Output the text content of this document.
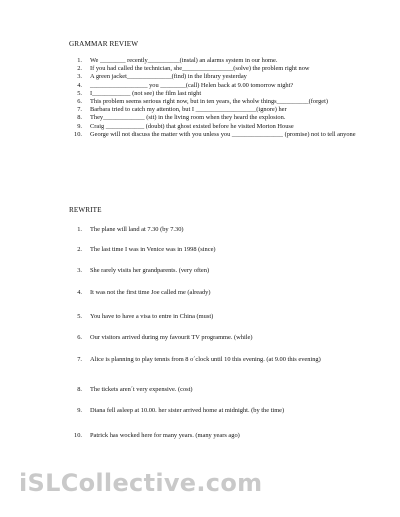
GRAMMAR REVIEW
1. We ________ recently__________(instal) an alarms system in our home.
2. If you had called the technician, she________________(solve) the problem right now
3. A green jacket______________(find) in the library yesterday
4. __________________ you ________(call) Helen back at 9.00 tomorrow night?
5. I____________ (not see) the film last night
6. This problem seems serious right now, but in ten years, the wholw things__________(forget)
7. Barbara tried to catch my attention, but I ___________________(ignore) her
8. They_____________ (sit) in the living room when they heard the explosion.
9. Craig ____________ (doubt) that ghost existed before he visited Morton House
10. George will not discuss the matter with you unless you ________________ (promise) not to tell anyone
REWRITE
1. The plane will land at 7.30 (by 7.30)
2. The last time I was in Venice was in 1998 (since)
3. She rarely visits her grandparents. (very often)
4. It was not the first time Joe called me (already)
5. You have to have a visa to entre in China (must)
6. Our visitors arrived during my favourit TV programme. (while)
7. Alice is planning to play tennis from 8 o´clock until 10 this evening. (at 9.00 this evening)
8. The tickets aren´t very expensive. (cost)
9. Diana fell asleep at 10.00. her sister arrived home at midnight. (by the time)
10. Patrick has wocked here for many years. (many years ago)
iSLCollective.com
